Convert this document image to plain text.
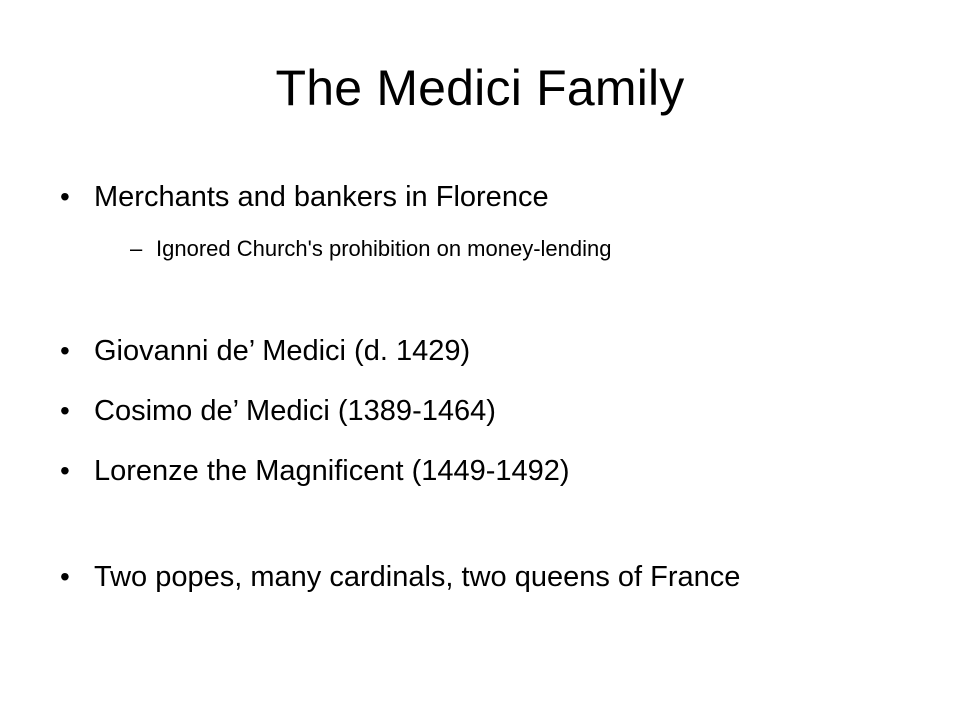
The Medici Family
• Merchants and bankers in Florence
– Ignored Church's prohibition on money-lending
• Giovanni de’ Medici (d. 1429)
• Cosimo de’ Medici (1389-1464)
• Lorenze the Magnificent (1449-1492)
• Two popes, many cardinals, two queens of France
